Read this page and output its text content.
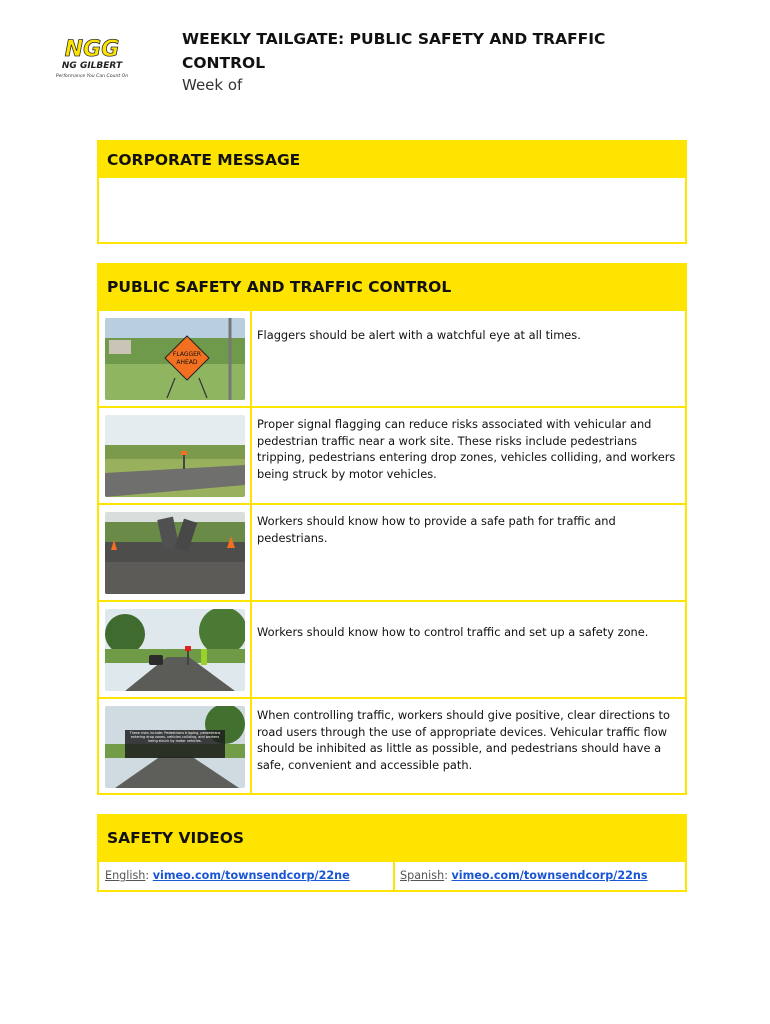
NGG
NG GILBERT
Performance You Can Count On
WEEKLY TAILGATE: PUBLIC SAFETY AND TRAFFIC CONTROL
Week of
CORPORATE MESSAGE
PUBLIC SAFETY AND TRAFFIC CONTROL
FLAGGER
AHEAD
Flaggers should be alert with a watchful eye at all times.
Proper signal flagging can reduce risks associated with vehicular and pedestrian traffic near a work site. These risks include pedestrians tripping, pedestrians entering drop zones, vehicles colliding, and workers being struck by motor vehicles.
Workers should know how to provide a safe path for traffic and pedestrians.
Workers should know how to control traffic and set up a safety zone.
These risks include: Pedestrians tripping, pedestrians entering drop zones, vehicles colliding, and workers being struck by motor vehicles.
When controlling traffic, workers should give positive, clear directions to road users through the use of appropriate devices. Vehicular traffic flow should be inhibited as little as possible, and pedestrians should have a safe, convenient and accessible path.
SAFETY VIDEOS
English: vimeo.com/townsendcorp/22ne	Spanish: vimeo.com/townsendcorp/22ns
